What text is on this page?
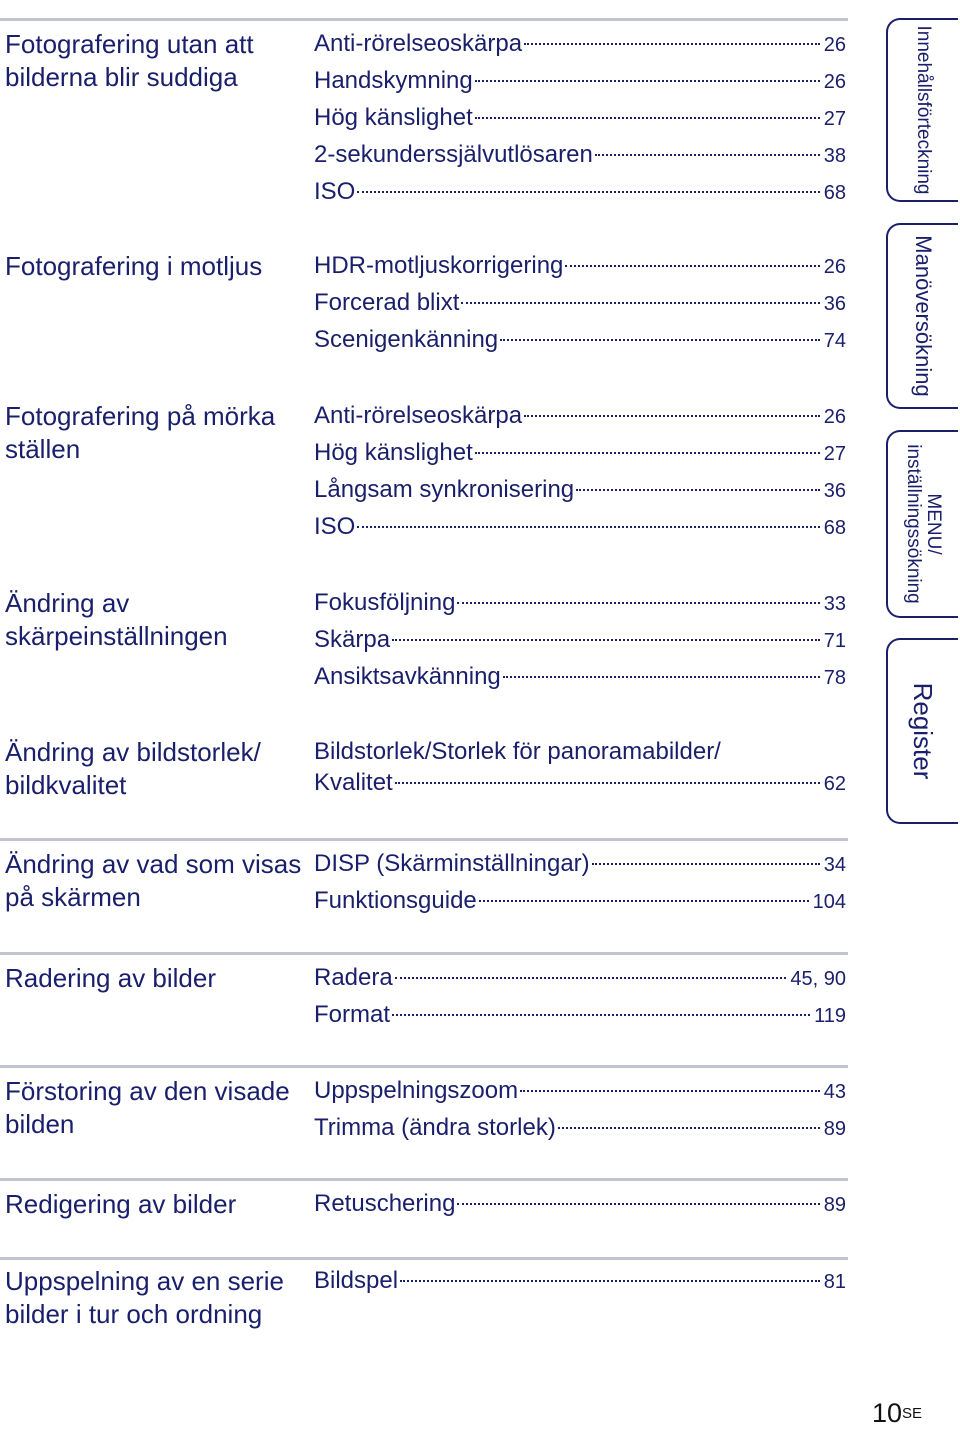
Fotografering utan att bilderna blir suddiga
Anti-rörelseoskärpa	26
Handskymning	26
Hög känslighet	27
2-sekunderssjälvutlösaren	38
ISO	68
Fotografering i motljus	HDR-motljuskorrigering	26
Forcerad blixt	36
Scenigenkänning	74
Fotografering på mörka ställen
Anti-rörelseoskärpa	26
Hög känslighet	27
Långsam synkronisering	36
ISO	68
Ändring av skärpeinställningen
Fokusföljning	33
Skärpa	71
Ansiktsavkänning	78
Ändring av bildstorlek/ bildkvalitet
Bildstorlek/Storlek för panoramabilder/
Kvalitet	62
Ändring av vad som visas på skärmen
DISP (Skärminställningar)	34
Funktionsguide	104
Radering av bilder	Radera	45, 90
Format	119
Förstoring av den visade bilden
Uppspelningszoom	43
Trimma (ändra storlek)	89
Redigering av bilder	Retuschering	89
Uppspelning av en serie bilder i tur och ordning
Bildspel	81
Innehållsförteckning
Manöversökning
MENU/
inställningssökning
Register
$10^{SE}$
